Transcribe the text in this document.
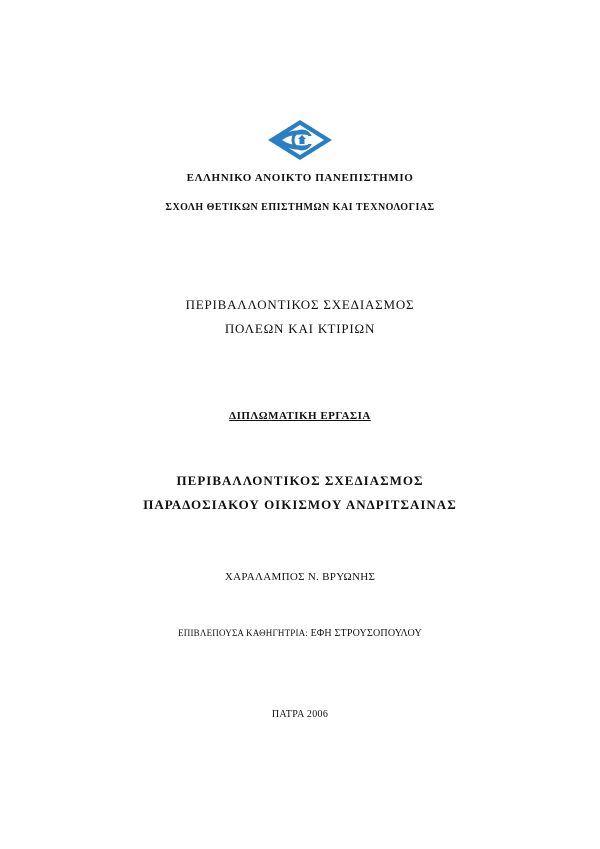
ΕΛΛΗΝΙΚΟ ΑΝΟΙΚΤΟ ΠΑΝΕΠΙΣΤΗΜΙΟ
ΣΧΟΛΗ ΘΕΤΙΚΩΝ ΕΠΙΣΤΗΜΩΝ ΚΑΙ ΤΕΧΝΟΛΟΓΙΑΣ
ΠΕΡΙΒΑΛΛΟΝΤΙΚΟΣ ΣΧΕΔΙΑΣΜΟΣ
ΠΟΛΕΩΝ ΚΑΙ ΚΤΙΡΙΩΝ
ΔΙΠΛΩΜΑΤΙΚΗ ΕΡΓΑΣΙΑ
ΠΕΡΙΒΑΛΛΟΝΤΙΚΟΣ ΣΧΕΔΙΑΣΜΟΣ
ΠΑΡΑΔΟΣΙΑΚΟΥ ΟΙΚΙΣΜΟΥ ΑΝΔΡΙΤΣΑΙΝΑΣ
ΧΑΡΑΛΑΜΠΟΣ Ν. ΒΡΥΩΝΗΣ
ΕΠΙΒΛΕΠΟΥΣΑ ΚΑΘΗΓΗΤΡΙΑ: ΕΦΗ ΣΤΡΟΥΣΟΠΟΥΛΟΥ
ΠΑΤΡΑ 2006
